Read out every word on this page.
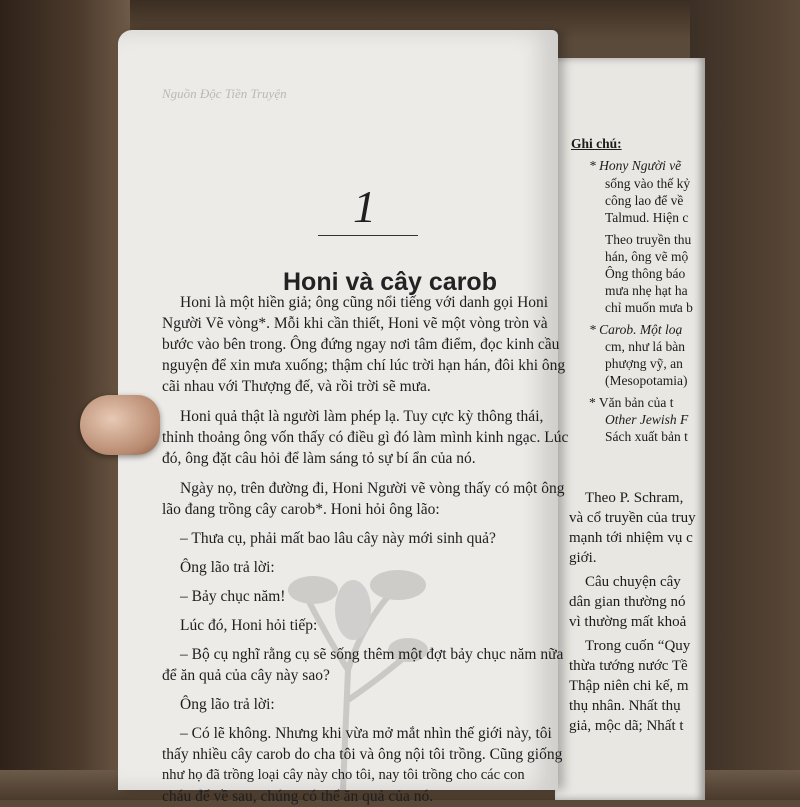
Ghi chú:
* Hony Người vẽ
sống vào thế kỷ
công lao để về
Talmud. Hiện c
Theo truyền thu
hán, ông vẽ mộ
Ông thông báo
mưa nhẹ hạt ha
chỉ muốn mưa b
* Carob. Một loạ
cm, như lá bàn
phượng vỹ, an
(Mesopotamia)
* Văn bản của t
Other Jewish F
Sách xuất bản t
Theo P. Schram,
và cổ truyền của truy
mạnh tới nhiệm vụ c
giới.
Câu chuyện cây
dân gian thường nó
vì thường mất khoả
Trong cuốn “Quy
thừa tướng nước Tề
Thập niên chi kế, m
thụ nhân. Nhất thụ
giả, mộc dã; Nhất t
Nguồn Độc Tiền Truyện
1
Honi và cây carob
Honi là một hiền giả; ông cũng nổi tiếng với danh gọi Honi
Người Vẽ vòng*. Mỗi khi cần thiết, Honi vẽ một vòng tròn và
bước vào bên trong. Ông đứng ngay nơi tâm điểm, đọc kinh cầu
nguyện để xin mưa xuống; thậm chí lúc trời hạn hán, đôi khi ông
cãi nhau với Thượng đế, và rồi trời sẽ mưa.
Honi quả thật là người làm phép lạ. Tuy cực kỳ thông thái,
thỉnh thoảng ông vốn thấy có điều gì đó làm mình kinh ngạc. Lúc
đó, ông đặt câu hỏi để làm sáng tỏ sự bí ẩn của nó.
Ngày nọ, trên đường đi, Honi Người vẽ vòng thấy có một ông
lão đang trồng cây carob*. Honi hỏi ông lão:
– Thưa cụ, phải mất bao lâu cây này mới sinh quả?
Ông lão trả lời:
– Bảy chục năm!
Lúc đó, Honi hỏi tiếp:
– Bộ cụ nghĩ rằng cụ sẽ sống thêm một đợt bảy chục năm nữa
để ăn quả của cây này sao?
Ông lão trả lời:
– Có lẽ không. Nhưng khi vừa mở mắt nhìn thế giới này, tôi
thấy nhiều cây carob do cha tôi và ông nội tôi trồng. Cũng giống
như họ đã trồng loại cây này cho tôi, nay tôi trồng cho các con
cháu để về sau, chúng có thể ăn quả của nó.
